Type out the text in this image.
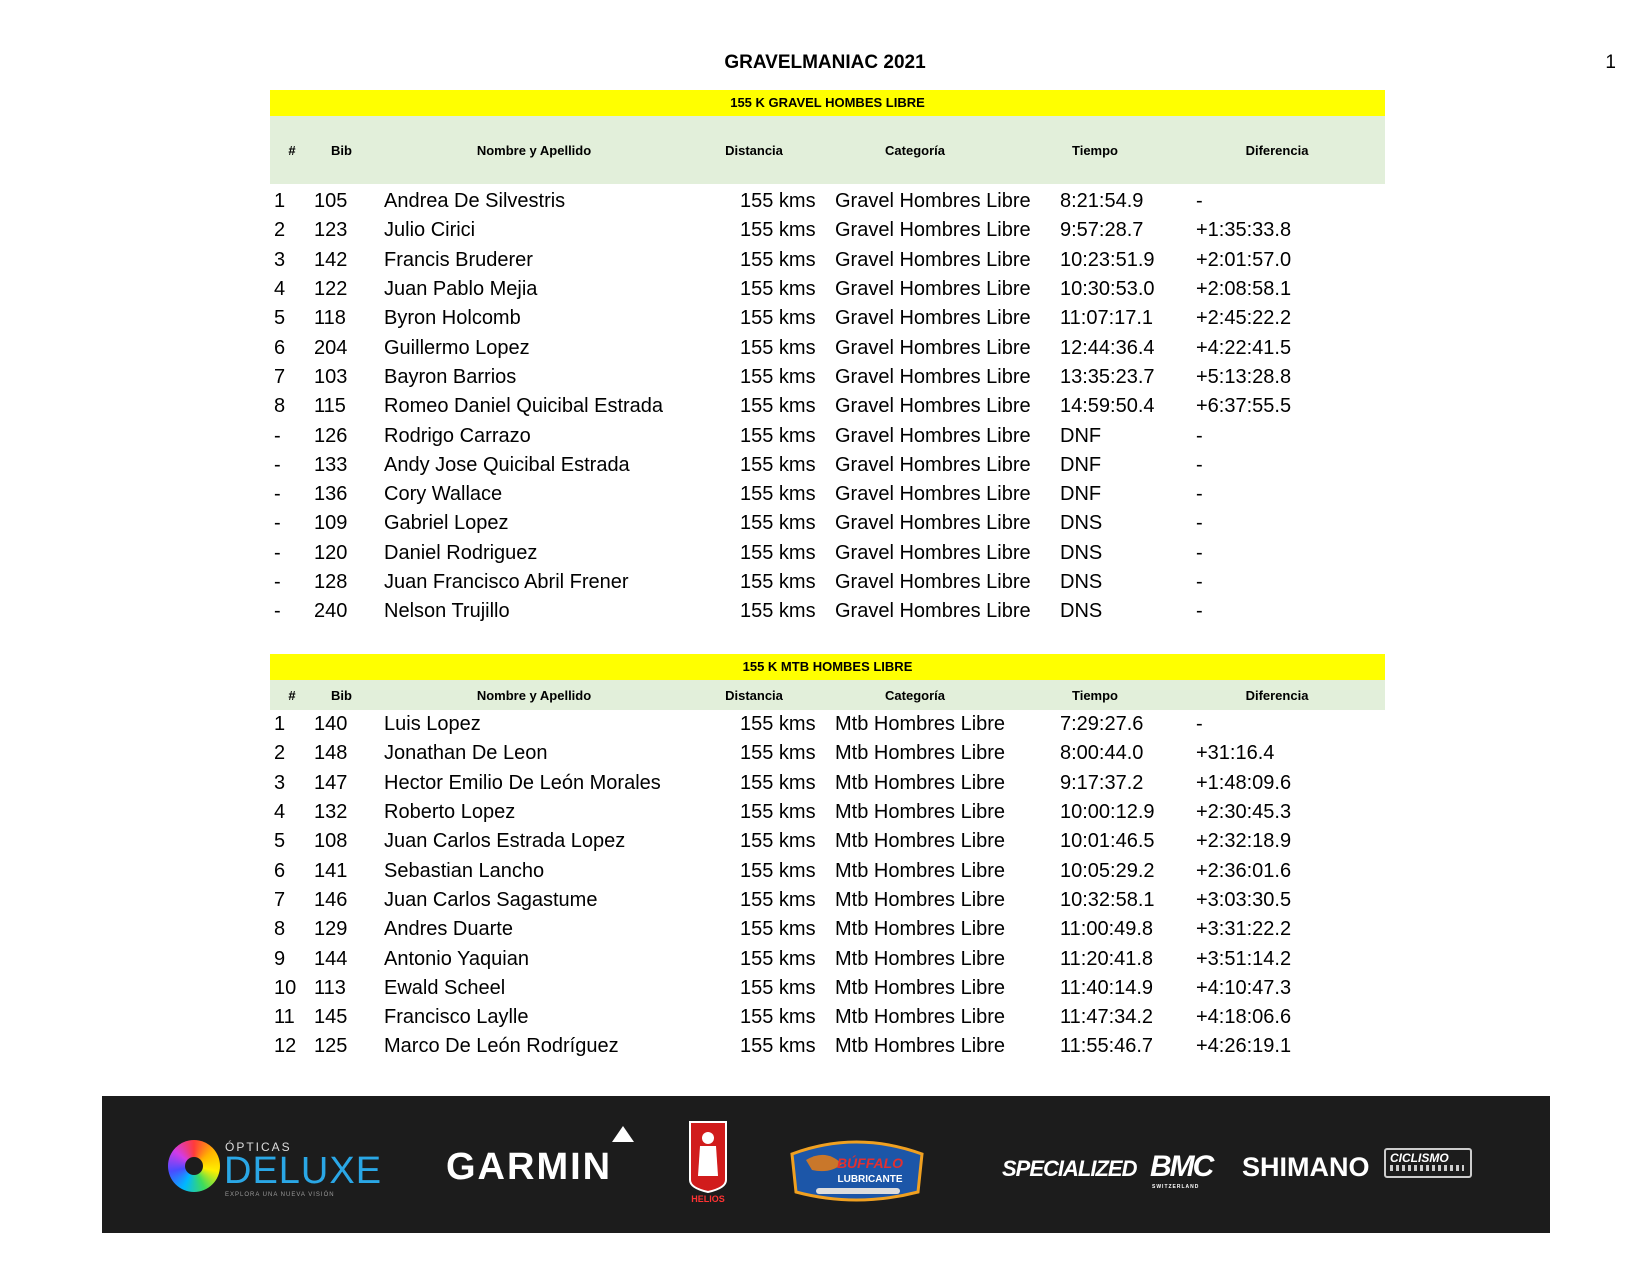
GRAVELMANIAC 2021	1
155 K GRAVEL HOMBES LIBRE
#	Bib	Nombre y Apellido	Distancia	Categoría	Tiempo	Diferencia
1	105	Andrea De Silvestris	155 kms Gravel Hombres Libre	8:21:54.9	-
2	123	Julio Cirici	155 kms Gravel Hombres Libre	9:57:28.7	+1:35:33.8
3	142	Francis Bruderer	155 kms Gravel Hombres Libre	10:23:51.9	+2:01:57.0
4	122	Juan Pablo Mejia	155 kms Gravel Hombres Libre	10:30:53.0	+2:08:58.1
5	118	Byron Holcomb	155 kms Gravel Hombres Libre	11:07:17.1	+2:45:22.2
6	204	Guillermo Lopez	155 kms Gravel Hombres Libre	12:44:36.4	+4:22:41.5
7	103	Bayron Barrios	155 kms Gravel Hombres Libre	13:35:23.7	+5:13:28.8
8	115	Romeo Daniel Quicibal Estrada	155 kms Gravel Hombres Libre	14:59:50.4	+6:37:55.5
-	126	Rodrigo Carrazo	155 kms Gravel Hombres Libre	DNF	-
-	133	Andy Jose Quicibal Estrada	155 kms Gravel Hombres Libre	DNF	-
-	136	Cory Wallace	155 kms Gravel Hombres Libre	DNF	-
-	109	Gabriel Lopez	155 kms Gravel Hombres Libre	DNS	-
-	120	Daniel Rodriguez	155 kms Gravel Hombres Libre	DNS	-
-	128	Juan Francisco Abril Frener	155 kms Gravel Hombres Libre	DNS	-
-	240	Nelson Trujillo	155 kms Gravel Hombres Libre	DNS	-
155 K MTB HOMBES LIBRE
#	Bib	Nombre y Apellido	Distancia	Categoría	Tiempo	Diferencia
1	140	Luis Lopez	155 kms Mtb Hombres Libre	7:29:27.6	-
2	148	Jonathan De Leon	155 kms Mtb Hombres Libre	8:00:44.0	+31:16.4
3	147	Hector Emilio De León Morales	155 kms Mtb Hombres Libre	9:17:37.2	+1:48:09.6
4	132	Roberto Lopez	155 kms Mtb Hombres Libre	10:00:12.9	+2:30:45.3
5	108	Juan Carlos Estrada Lopez	155 kms Mtb Hombres Libre	10:01:46.5	+2:32:18.9
6	141	Sebastian Lancho	155 kms Mtb Hombres Libre	10:05:29.2	+2:36:01.6
7	146	Juan Carlos Sagastume	155 kms Mtb Hombres Libre	10:32:58.1	+3:03:30.5
8	129	Andres Duarte	155 kms Mtb Hombres Libre	11:00:49.8	+3:31:22.2
9	144	Antonio Yaquian	155 kms Mtb Hombres Libre	11:20:41.8	+3:51:14.2
10 113	Ewald Scheel	155 kms Mtb Hombres Libre	11:40:14.9	+4:10:47.3
11 145	Francisco Laylle	155 kms Mtb Hombres Libre	11:47:34.2	+4:18:06.6
12 125	Marco De León Rodríguez	155 kms Mtb Hombres Libre	11:55:46.7	+4:26:19.1
ÓPTICAS
DELUXE
EXPLORA UNA NUEVA VISIÓN
GARMIN
HELIOS
BÚFFALO
LUBRICANTE	SPECIALIZED BMC
SWITZERLAND
SHIMANO CICLISMO
